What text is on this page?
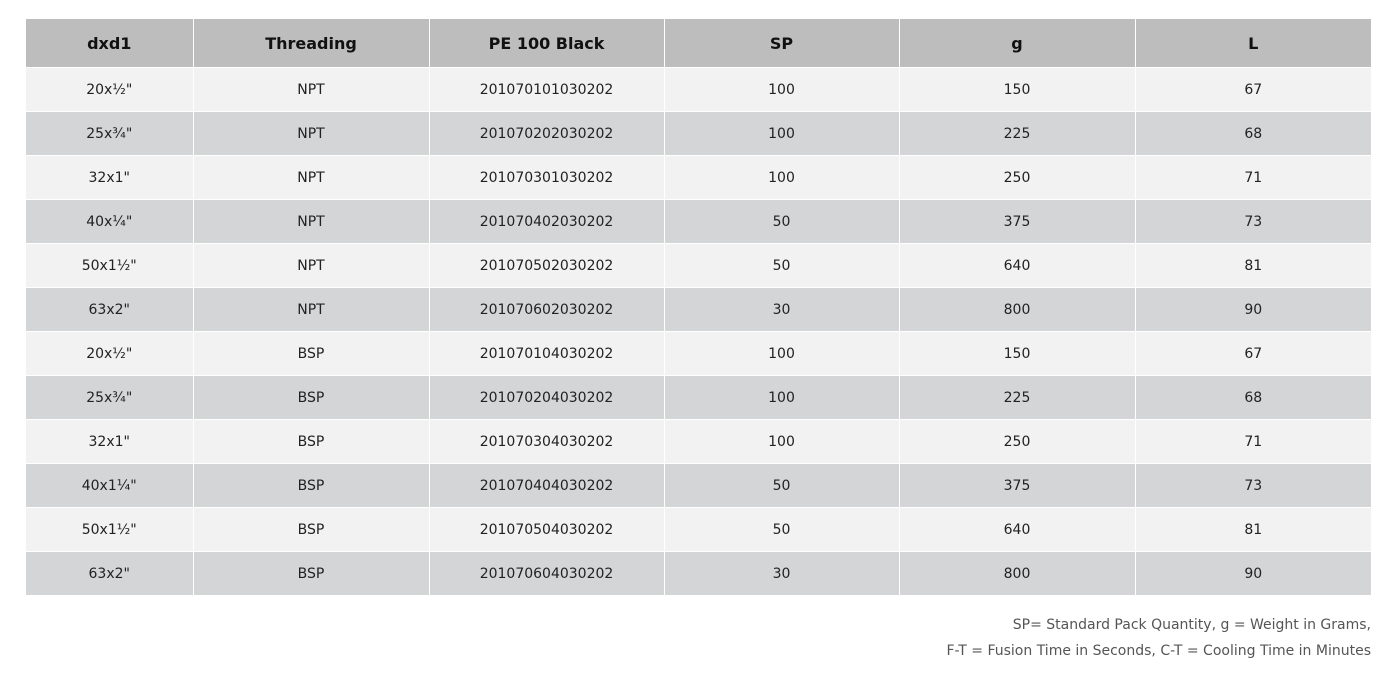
dxd1	Threading	PE 100 Black	SP	g	L
20x½"	NPT	201070101030202	100	150	67
25x¾"	NPT	201070202030202	100	225	68
32x1"	NPT	201070301030202	100	250	71
40x¼"	NPT	201070402030202	50	375	73
50x1½"	NPT	201070502030202	50	640	81
63x2"	NPT	201070602030202	30	800	90
20x½"	BSP	201070104030202	100	150	67
25x¾"	BSP	201070204030202	100	225	68
32x1"	BSP	201070304030202	100	250	71
40x1¼"	BSP	201070404030202	50	375	73
50x1½"	BSP	201070504030202	50	640	81
63x2"	BSP	201070604030202	30	800	90
SP= Standard Pack Quantity, g = Weight in Grams,
F-T = Fusion Time in Seconds, C-T = Cooling Time in Minutes
